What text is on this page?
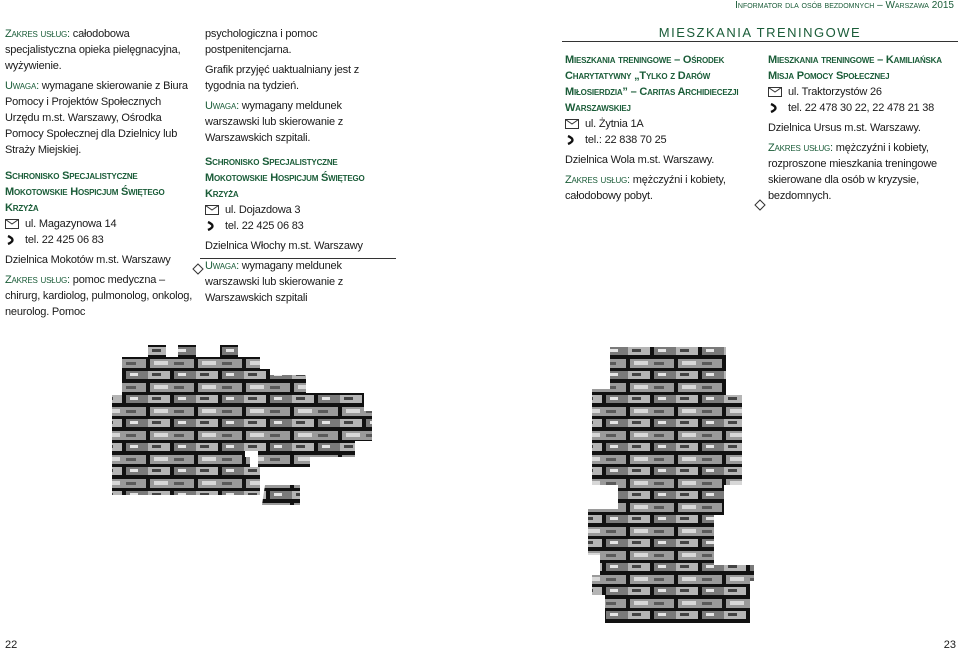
Informator dla osób bezdomnych – Warszawa 2015

Zakres usług: całodobowa specjalistyczna opieka pielęgnacyjna, wyżywienie.

Uwaga: wymagane skierowanie z Biura Pomocy i Projektów Społecznych Urzędu m.st. Warszawy, Ośrodka Pomocy Społecznej dla Dzielnicy lub Straży Miejskiej.

Schronisko Specjalistyczne Mokotowskie Hospicjum Świętego Krzyża

ul. Magazynowa 14
tel. 22 425 06 83

Dzielnica Mokotów m.st. Warszawy

Zakres usług: pomoc medyczna – chirurg, kardiolog, pulmonolog, onkolog, neurolog. Pomoc

psychologiczna i pomoc postpenitencjarna.

Grafik przyjęć uaktualniany jest z tygodnia na tydzień.

Uwaga: wymagany meldunek warszawski lub skierowanie z Warszawskich szpitali.

Schronisko Specjalistyczne Mokotowskie Hospicjum Świętego Krzyża

ul. Dojazdowa 3
tel. 22 425 06 83

Dzielnica Włochy m.st. Warszawy

Uwaga: wymagany meldunek warszawski lub skierowanie z Warszawskich szpitali

MIESZKANIA TRENINGOWE

Mieszkania treningowe – Ośrodek Charytatywny „Tylko z Darów Miłosierdzia” – Caritas Archidiecezji Warszawskiej

ul. Żytnia 1A
tel.: 22 838 70 25

Dzielnica Wola m.st. Warszawy.

Zakres usług: mężczyźni i kobiety, całodobowy pobyt.

Mieszkania treningowe – Kamiliańska Misja Pomocy Społecznej

ul. Traktorzystów 26
tel. 22 478 30 22, 22 478 21 38

Dzielnica Ursus m.st. Warszawy.

Zakres usług: mężczyźni i kobiety, rozproszone mieszkania treningowe skierowane dla osób w kryzysie, bezdomnych.

22	23
